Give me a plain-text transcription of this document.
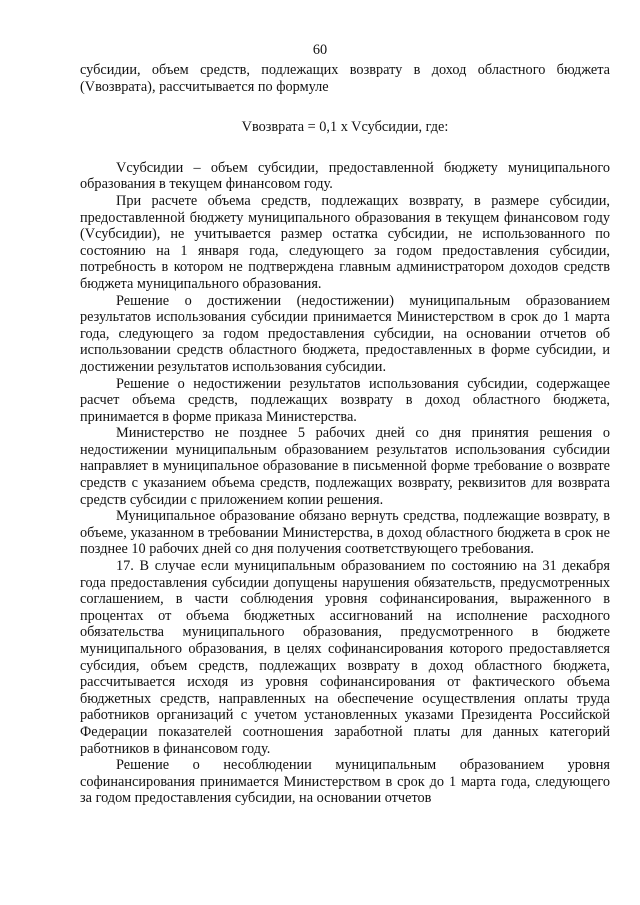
60

субсидии, объем средств, подлежащих возврату в доход областного бюджета (Vвозврата), рассчитывается по формуле

Vвозврата = 0,1 x Vсубсидии, где:

Vсубсидии – объем субсидии, предоставленной бюджету муниципального образования в текущем финансовом году.

При расчете объема средств, подлежащих возврату, в размере субсидии, предоставленной бюджету муниципального образования в текущем финансовом году (Vсубсидии), не учитывается размер остатка субсидии, не использованного по состоянию на 1 января года, следующего за годом предоставления субсидии, потребность в котором не подтверждена главным администратором доходов средств бюджета муниципального образования.

Решение о достижении (недостижении) муниципальным образованием результатов использования субсидии принимается Министерством в срок до 1 марта года, следующего за годом предоставления субсидии, на основании отчетов об использовании средств областного бюджета, предоставленных в форме субсидии, и достижении результатов использования субсидии.

Решение о недостижении результатов использования субсидии, содержащее расчет объема средств, подлежащих возврату в доход областного бюджета, принимается в форме приказа Министерства.

Министерство не позднее 5 рабочих дней со дня принятия решения о недостижении муниципальным образованием результатов использования субсидии направляет в муниципальное образование в письменной форме требование о возврате средств с указанием объема средств, подлежащих возврату, реквизитов для возврата средств субсидии с приложением копии решения.

Муниципальное образование обязано вернуть средства, подлежащие возврату, в объеме, указанном в требовании Министерства, в доход областного бюджета в срок не позднее 10 рабочих дней со дня получения соответствующего требования.

17. В случае если муниципальным образованием по состоянию на 31 декабря года предоставления субсидии допущены нарушения обязательств, предусмотренных соглашением, в части соблюдения уровня софинансирования, выраженного в процентах от объема бюджетных ассигнований на исполнение расходного обязательства муниципального образования, предусмотренного в бюджете муниципального образования, в целях софинансирования которого предоставляется субсидия, объем средств, подлежащих возврату в доход областного бюджета, рассчитывается исходя из уровня софинансирования от фактического объема бюджетных средств, направленных на обеспечение осуществления оплаты труда работников организаций с учетом установленных указами Президента Российской Федерации показателей соотношения заработной платы для данных категорий работников в финансовом году.

Решение о несоблюдении муниципальным образованием уровня софинансирования принимается Министерством в срок до 1 марта года, следующего за годом предоставления субсидии, на основании отчетов
